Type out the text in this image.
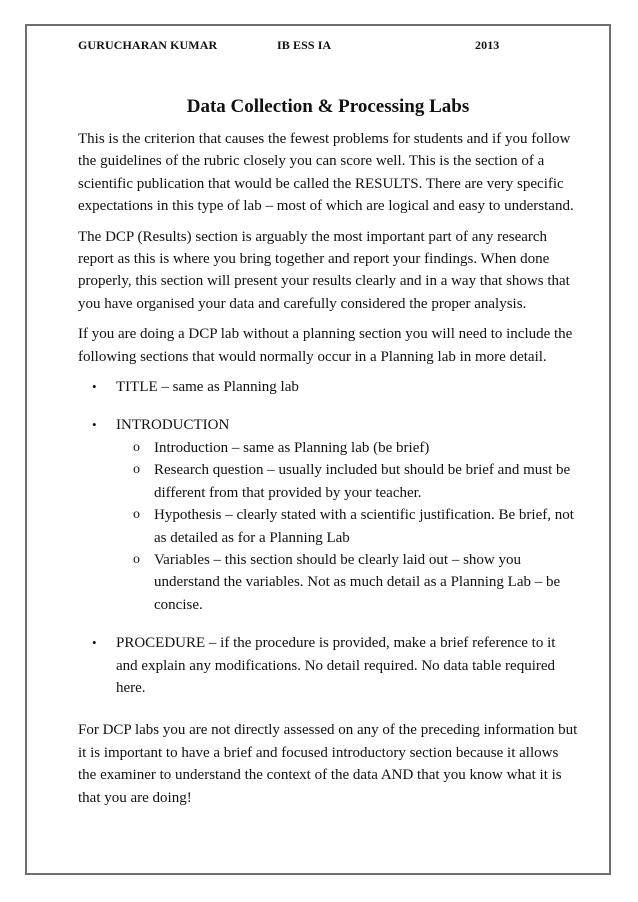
GURUCHARAN KUMAR	IB ESS IA	2013
Data Collection & Processing Labs

This is the criterion that causes the fewest problems for students and if you follow the guidelines of the rubric closely you can score well. This is the section of a scientific publication that would be called the RESULTS. There are very specific expectations in this type of lab – most of which are logical and easy to understand.

The DCP (Results) section is arguably the most important part of any research report as this is where you bring together and report your findings. When done properly, this section will present your results clearly and in a way that shows that you have organised your data and carefully considered the proper analysis.

If you are doing a DCP lab without a planning section you will need to include the following sections that would normally occur in a Planning lab in more detail.

• TITLE – same as Planning lab
• INTRODUCTION
o Introduction – same as Planning lab (be brief)
o Research question – usually included but should be brief and must be different from that provided by your teacher.
o Hypothesis – clearly stated with a scientific justification. Be brief, not as detailed as for a Planning Lab
o Variables – this section should be clearly laid out – show you understand the variables. Not as much detail as a Planning Lab – be concise.
• PROCEDURE – if the procedure is provided, make a brief reference to it and explain any modifications. No detail required. No data table required here.

For DCP labs you are not directly assessed on any of the preceding information but it is important to have a brief and focused introductory section because it allows the examiner to understand the context of the data AND that you know what it is that you are doing!
